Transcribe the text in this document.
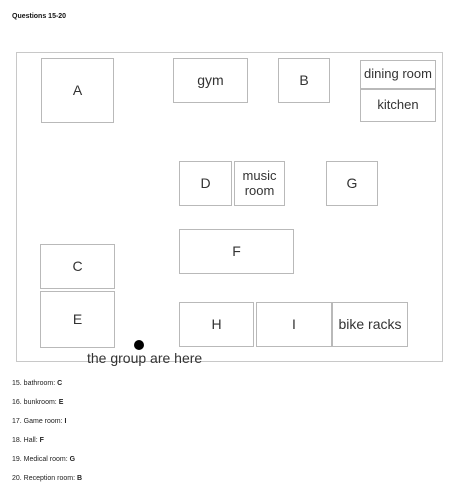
Questions 15-20
A
gym	B	dining room
kitchen
D	music
room	G
F
C
E	H	I	bike racks
the group are here
15. bathroom: C
16. bunkroom: E
17. Game room: I
18. Hall: F
19. Medical room: G
20. Reception room: B
